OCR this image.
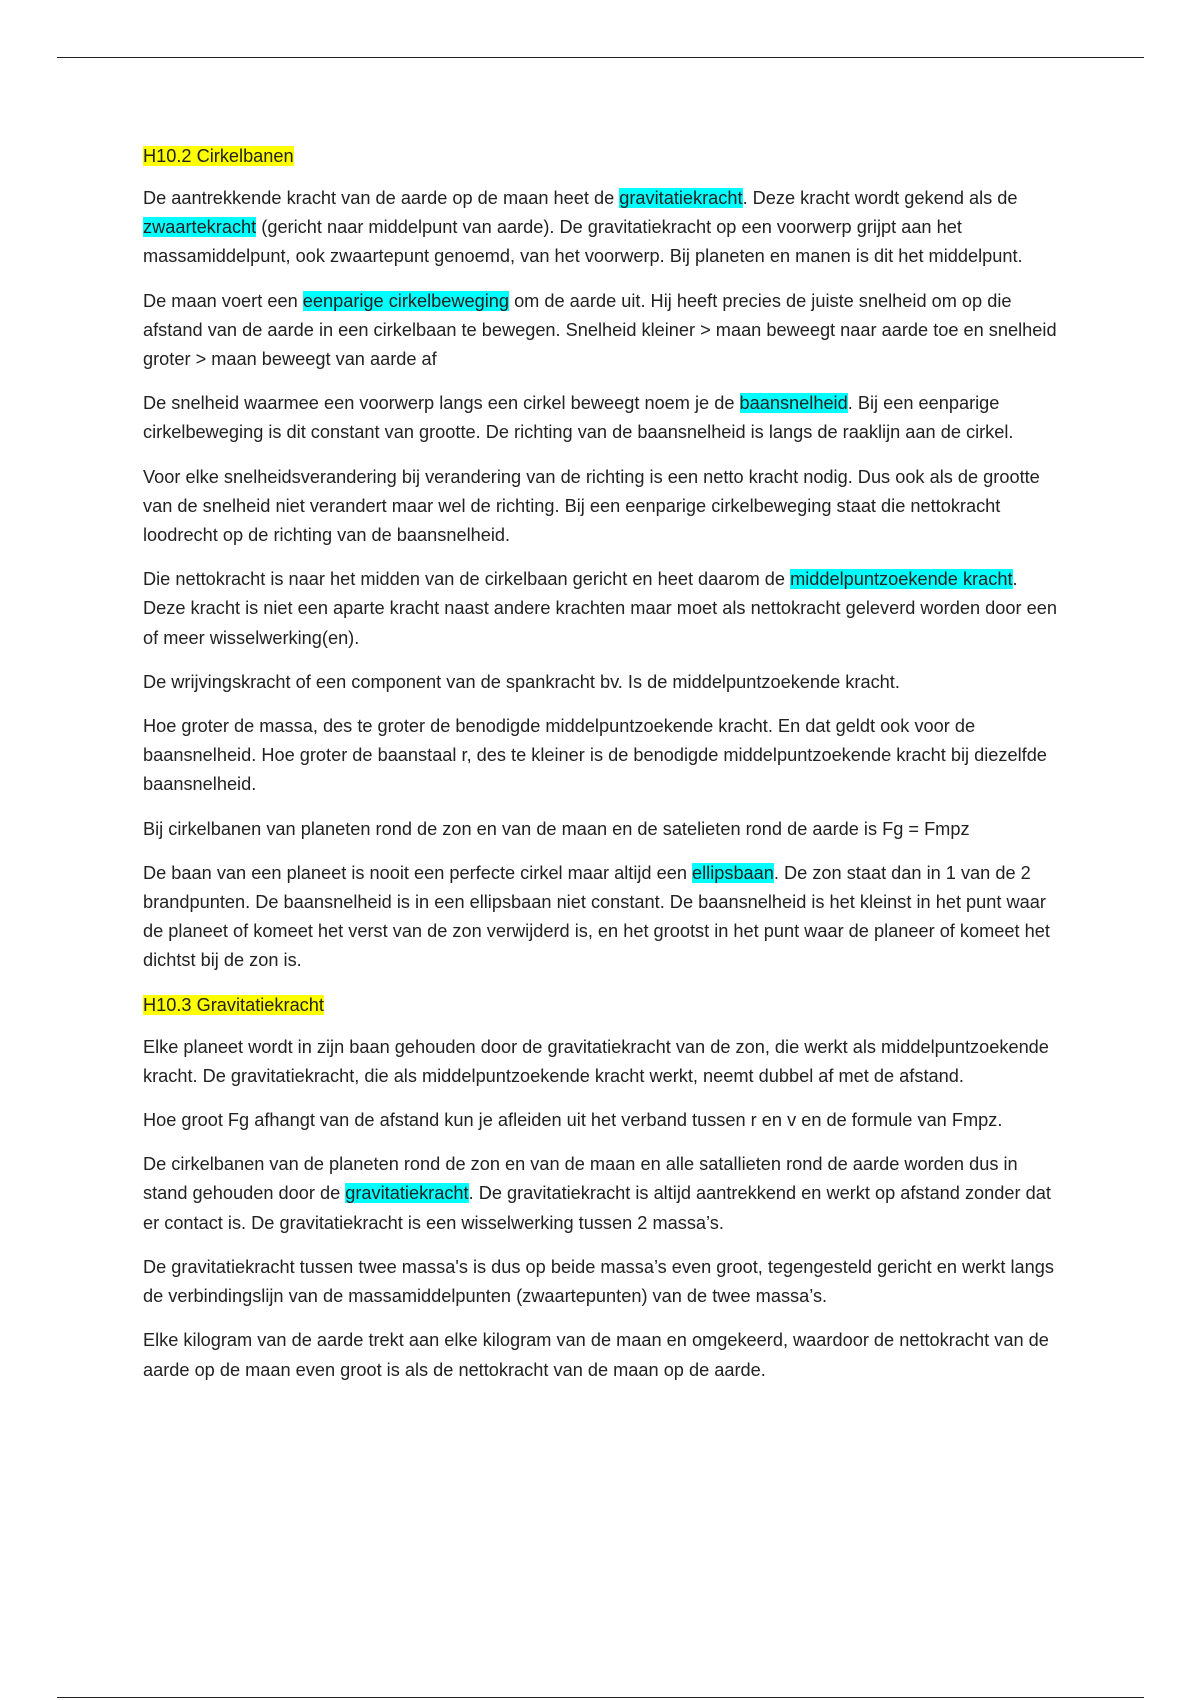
H10.2 Cirkelbanen

De aantrekkende kracht van de aarde op de maan heet de gravitatiekracht. Deze kracht wordt gekend als de zwaartekracht (gericht naar middelpunt van aarde). De gravitatiekracht op een voorwerp grijpt aan het massamiddelpunt, ook zwaartepunt genoemd, van het voorwerp. Bij planeten en manen is dit het middelpunt.

De maan voert een eenparige cirkelbeweging om de aarde uit. Hij heeft precies de juiste snelheid om op die afstand van de aarde in een cirkelbaan te bewegen. Snelheid kleiner > maan beweegt naar aarde toe en snelheid groter > maan beweegt van aarde af

De snelheid waarmee een voorwerp langs een cirkel beweegt noem je de baansnelheid. Bij een eenparige cirkelbeweging is dit constant van grootte. De richting van de baansnelheid is langs de raaklijn aan de cirkel.

Voor elke snelheidsverandering bij verandering van de richting is een netto kracht nodig. Dus ook als de grootte van de snelheid niet verandert maar wel de richting. Bij een eenparige cirkelbeweging staat die nettokracht loodrecht op de richting van de baansnelheid.

Die nettokracht is naar het midden van de cirkelbaan gericht en heet daarom de middelpuntzoekende kracht. Deze kracht is niet een aparte kracht naast andere krachten maar moet als nettokracht geleverd worden door een of meer wisselwerking(en).

De wrijvingskracht of een component van de spankracht bv. Is de middelpuntzoekende kracht.

Hoe groter de massa, des te groter de benodigde middelpuntzoekende kracht. En dat geldt ook voor de baansnelheid. Hoe groter de baanstaal r, des te kleiner is de benodigde middelpuntzoekende kracht bij diezelfde baansnelheid.

Bij cirkelbanen van planeten rond de zon en van de maan en de satelieten rond de aarde is Fg = Fmpz

De baan van een planeet is nooit een perfecte cirkel maar altijd een ellipsbaan. De zon staat dan in 1 van de 2 brandpunten. De baansnelheid is in een ellipsbaan niet constant. De baansnelheid is het kleinst in het punt waar de planeet of komeet het verst van de zon verwijderd is, en het grootst in het punt waar de planeer of komeet het dichtst bij de zon is.

H10.3 Gravitatiekracht

Elke planeet wordt in zijn baan gehouden door de gravitatiekracht van de zon, die werkt als middelpuntzoekende kracht. De gravitatiekracht, die als middelpuntzoekende kracht werkt, neemt dubbel af met de afstand.

Hoe groot Fg afhangt van de afstand kun je afleiden uit het verband tussen r en v en de formule van Fmpz.

De cirkelbanen van de planeten rond de zon en van de maan en alle satallieten rond de aarde worden dus in stand gehouden door de gravitatiekracht. De gravitatiekracht is altijd aantrekkend en werkt op afstand zonder dat er contact is. De gravitatiekracht is een wisselwerking tussen 2 massa’s.

De gravitatiekracht tussen twee massa's is dus op beide massa’s even groot, tegengesteld gericht en werkt langs de verbindingslijn van de massamiddelpunten (zwaartepunten) van de twee massa’s.

Elke kilogram van de aarde trekt aan elke kilogram van de maan en omgekeerd, waardoor de nettokracht van de aarde op de maan even groot is als de nettokracht van de maan op de aarde.
